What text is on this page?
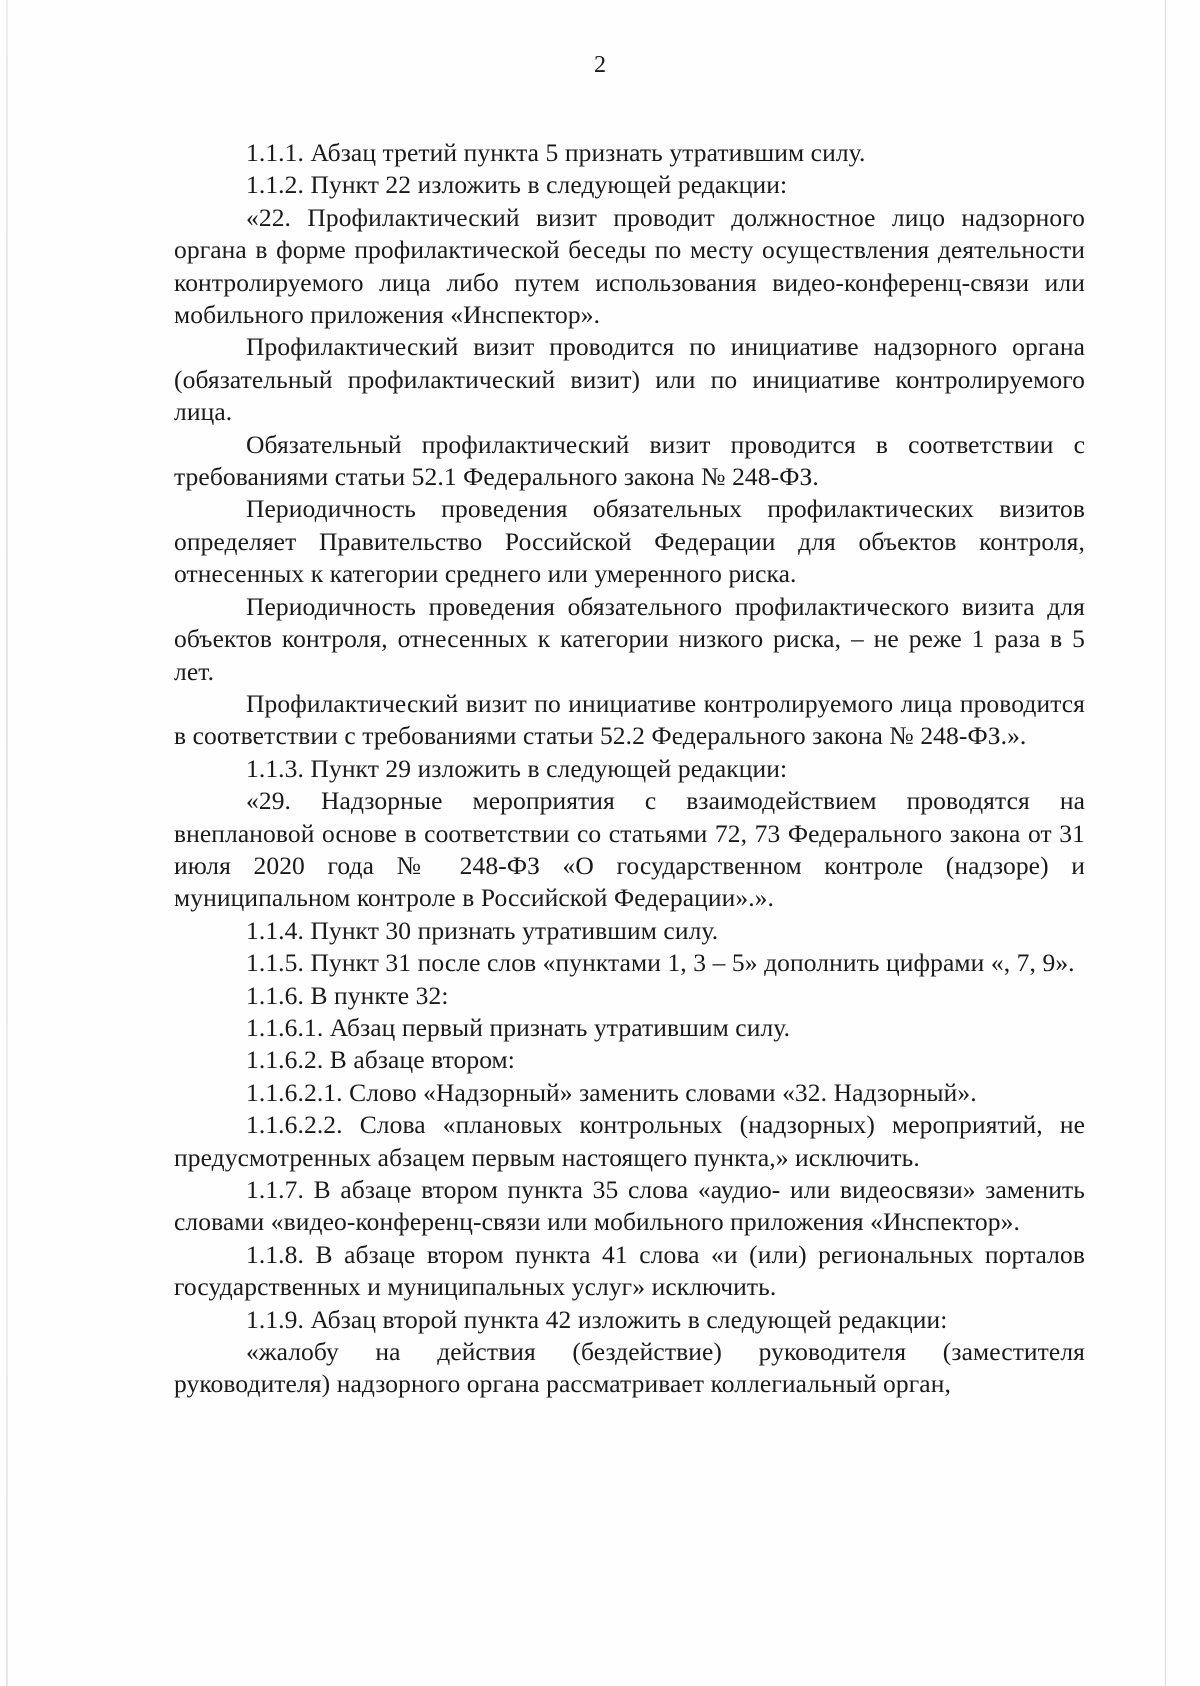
2

1.1.1. Абзац третий пункта 5 признать утратившим силу.

1.1.2. Пункт 22 изложить в следующей редакции:

«22. Профилактический визит проводит должностное лицо надзорного органа в форме профилактической беседы по месту осуществления деятельности контролируемого лица либо путем использования видео-конференц-связи или мобильного приложения «Инспектор».

Профилактический визит проводится по инициативе надзорного органа (обязательный профилактический визит) или по инициативе контролируемого лица.

Обязательный профилактический визит проводится в соответствии с требованиями статьи 52.1 Федерального закона № 248-ФЗ.

Периодичность проведения обязательных профилактических визитов определяет Правительство Российской Федерации для объектов контроля, отнесенных к категории среднего или умеренного риска.

Периодичность проведения обязательного профилактического визита для объектов контроля, отнесенных к категории низкого риска, – не реже 1 раза в 5 лет.

Профилактический визит по инициативе контролируемого лица проводится в соответствии с требованиями статьи 52.2 Федерального закона № 248-ФЗ.».

1.1.3. Пункт 29 изложить в следующей редакции:

«29. Надзорные мероприятия с взаимодействием проводятся на внеплановой основе в соответствии со статьями 72, 73 Федерального закона от 31 июля 2020 года № 248-ФЗ «О государственном контроле (надзоре) и муниципальном контроле в Российской Федерации».».

1.1.4. Пункт 30 признать утратившим силу.

1.1.5. Пункт 31 после слов «пунктами 1, 3 – 5» дополнить цифрами «, 7, 9».

1.1.6. В пункте 32:

1.1.6.1. Абзац первый признать утратившим силу.

1.1.6.2. В абзаце втором:

1.1.6.2.1. Слово «Надзорный» заменить словами «32. Надзорный».

1.1.6.2.2. Слова «плановых контрольных (надзорных) мероприятий, не предусмотренных абзацем первым настоящего пункта,» исключить.

1.1.7. В абзаце втором пункта 35 слова «аудио- или видеосвязи» заменить словами «видео-конференц-связи или мобильного приложения «Инспектор».

1.1.8. В абзаце втором пункта 41 слова «и (или) региональных порталов государственных и муниципальных услуг» исключить.

1.1.9. Абзац второй пункта 42 изложить в следующей редакции:

«жалобу на действия (бездействие) руководителя (заместителя руководителя) надзорного органа рассматривает коллегиальный орган,
